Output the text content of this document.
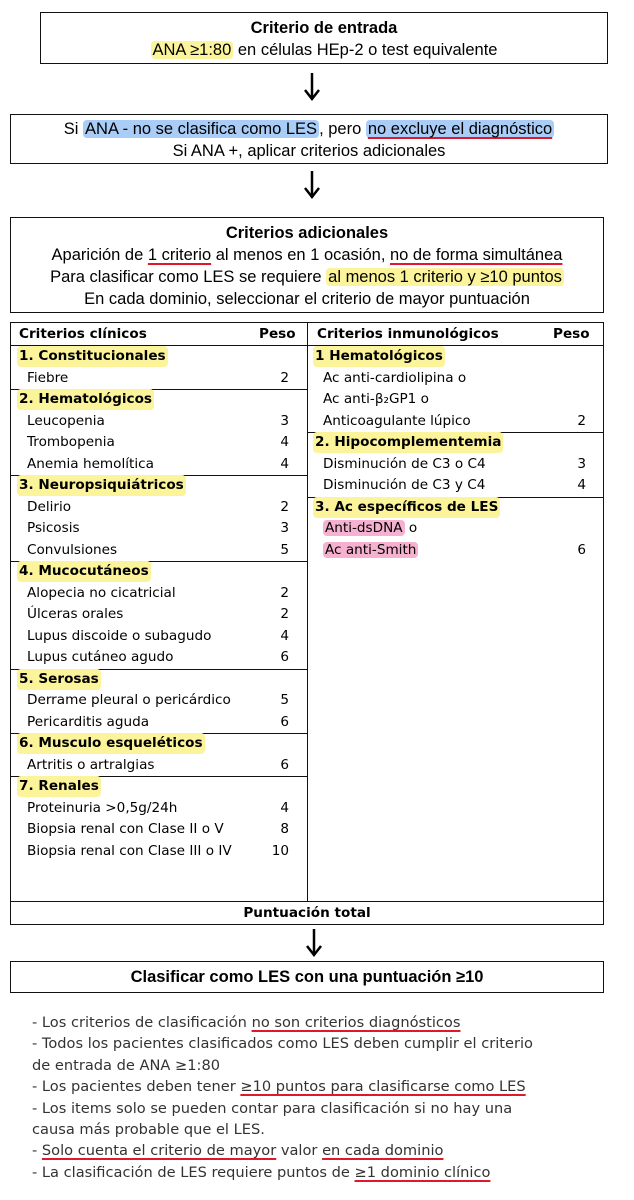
Criterio de entrada
ANA ≥1:80 en células HEp-2 o test equivalente
Si ANA - no se clasifica como LES , pero no excluye el diagnóstico
Si ANA +, aplicar criterios adicionales
Criterios adicionales
Aparición de 1 criterio al menos en 1 ocasión, no de forma simultánea
Para clasificar como LES se requiere al menos 1 criterio y ≥10 puntos
En cada dominio, seleccionar el criterio de mayor puntuación
Criterios clínicos	Peso Criterios inmunológicos	Peso
1. Constitucionales
Fiebre	2
2. Hematológicos
Leucopenia	3
Trombopenia	4
Anemia hemolítica	4
3. Neuropsiquiátricos
Delirio	2
Psicosis	3
Convulsiones	5
4. Mucocutáneos
Alopecia no cicatricial	2
Úlceras orales	2
Lupus discoide o subagudo	4
Lupus cutáneo agudo	6
5. Serosas
Derrame pleural o pericárdico	5
Pericarditis aguda	6
6. Musculo esqueléticos
Artritis o artralgias	6
7. Renales
Proteinuria >0,5g/24h	4
Biopsia renal con Clase II o V	8
Biopsia renal con Clase III o IV	10
1 Hematológicos
Ac anti-cardiolipina o
Ac anti-β₂GP1 o
Anticoagulante lúpico	2
2. Hipocomplementemia
Disminución de C3 o C4	3
Disminución de C3 y C4	4
3. Ac específicos de LES
Anti-dsDNA o
Ac anti-Smith	6
Puntuación total
Clasificar como LES con una puntuación ≥10
- Los criterios de clasificación no son criterios diagnósticos
- Todos los pacientes clasificados como LES deben cumplir el criterio
de entrada de ANA ≥1:80
- Los pacientes deben tener ≥10 puntos para clasificarse como LES
- Los items solo se pueden contar para clasificación si no hay una
causa más probable que el LES.
- Solo cuenta el criterio de mayor valor en cada dominio
- La clasificación de LES requiere puntos de ≥1 dominio clínico
